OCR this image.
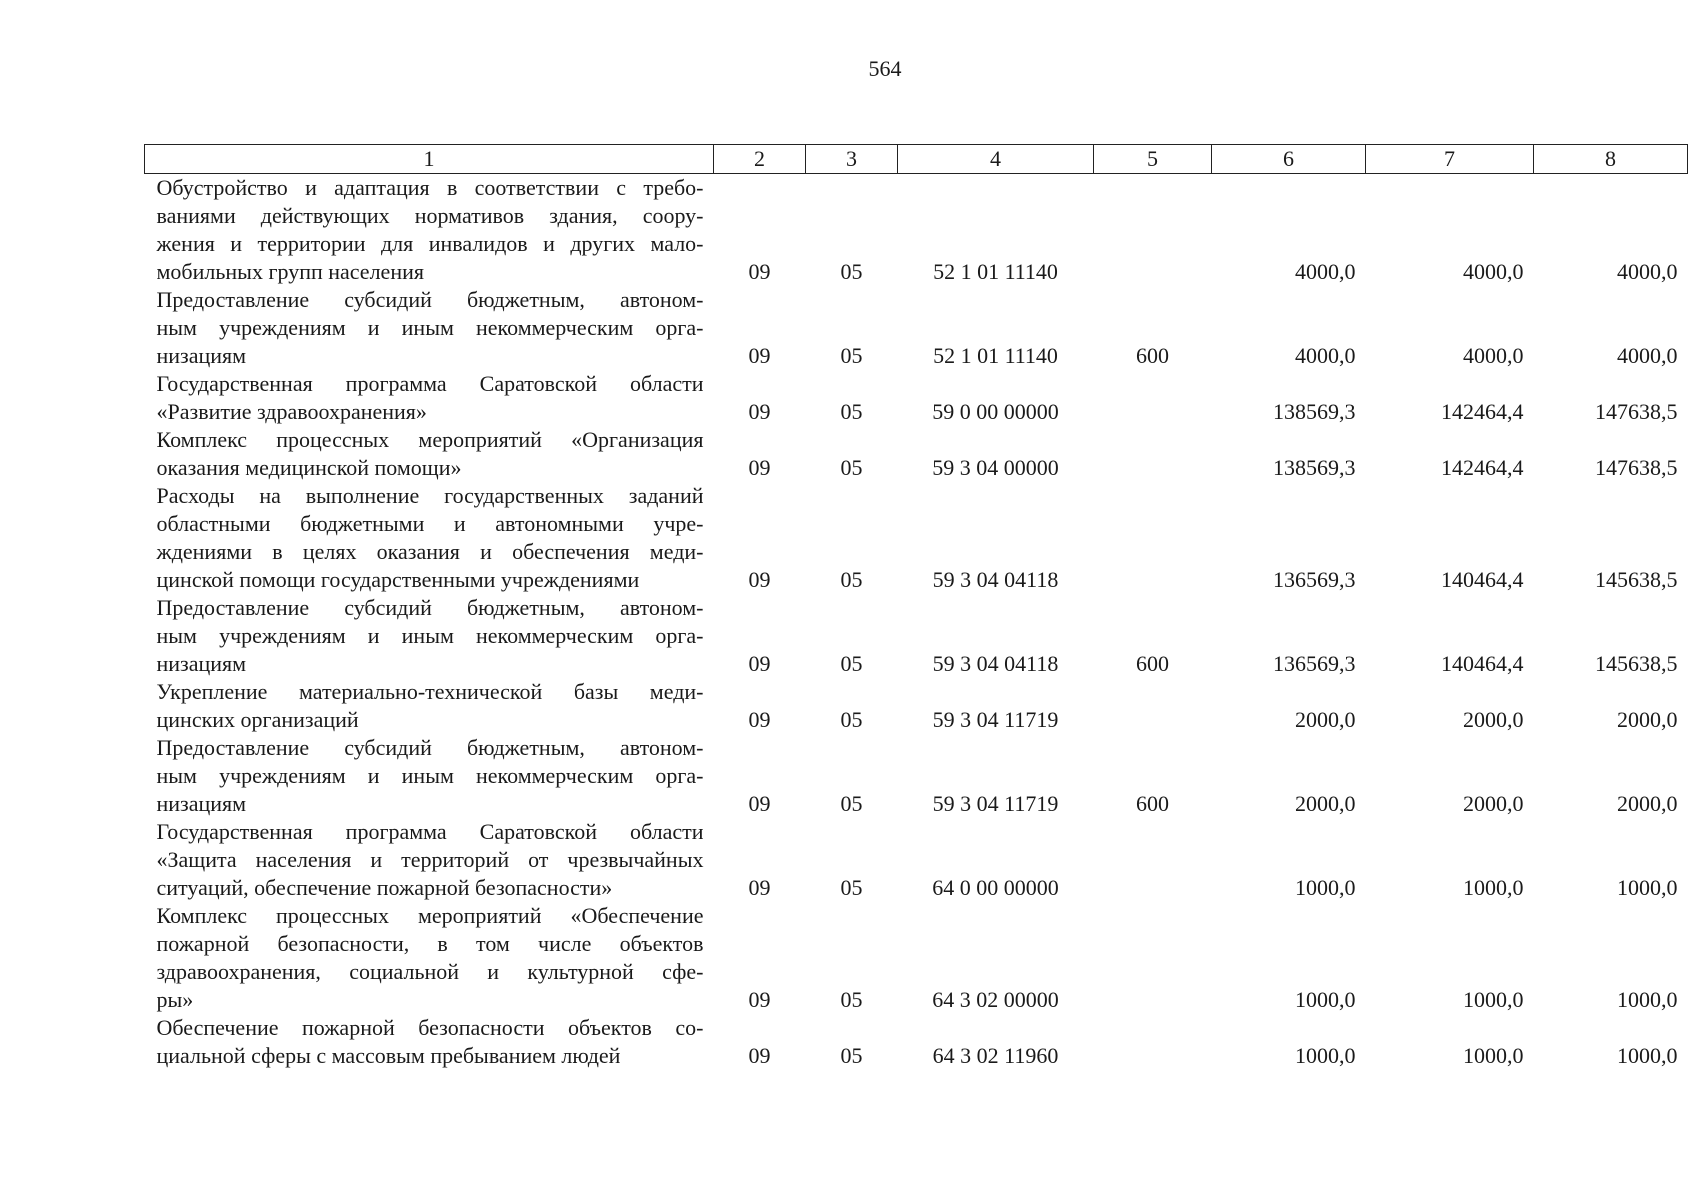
564
1	2	3	4	5	6	7	8

Обустройство и адаптация в соответствии с требо-
ваниями действующих нормативов здания, соору-
жения и территории для инвалидов и других мало-
мобильных групп населения	09	05	52 1 01 11140		4000,0	4000,0	4000,0

Предоставление субсидий бюджетным, автоном-
ным учреждениям и иным некоммерческим орга-
низациям	09	05	52 1 01 11140	600	4000,0	4000,0	4000,0

Государственная программа Саратовской области
«Развитие здравоохранения»	09	05	59 0 00 00000		138569,3	142464,4	147638,5

Комплекс процессных мероприятий «Организация
оказания медицинской помощи»	09	05	59 3 04 00000		138569,3	142464,4	147638,5

Расходы на выполнение государственных заданий
областными бюджетными и автономными учре-
ждениями в целях оказания и обеспечения меди-
цинской помощи государственными учреждениями	09	05	59 3 04 04118		136569,3	140464,4	145638,5

Предоставление субсидий бюджетным, автоном-
ным учреждениям и иным некоммерческим орга-
низациям	09	05	59 3 04 04118	600	136569,3	140464,4	145638,5

Укрепление материально-технической базы меди-
цинских организаций	09	05	59 3 04 11719		2000,0	2000,0	2000,0

Предоставление субсидий бюджетным, автоном-
ным учреждениям и иным некоммерческим орга-
низациям	09	05	59 3 04 11719	600	2000,0	2000,0	2000,0

Государственная программа Саратовской области
«Защита населения и территорий от чрезвычайных
ситуаций, обеспечение пожарной безопасности»	09	05	64 0 00 00000		1000,0	1000,0	1000,0

Комплекс процессных мероприятий «Обеспечение
пожарной безопасности, в том числе объектов
здравоохранения, социальной и культурной сфе-
ры»	09	05	64 3 02 00000		1000,0	1000,0	1000,0

Обеспечение пожарной безопасности объектов со-
циальной сферы с массовым пребыванием людей	09	05	64 3 02 11960		1000,0	1000,0	1000,0
